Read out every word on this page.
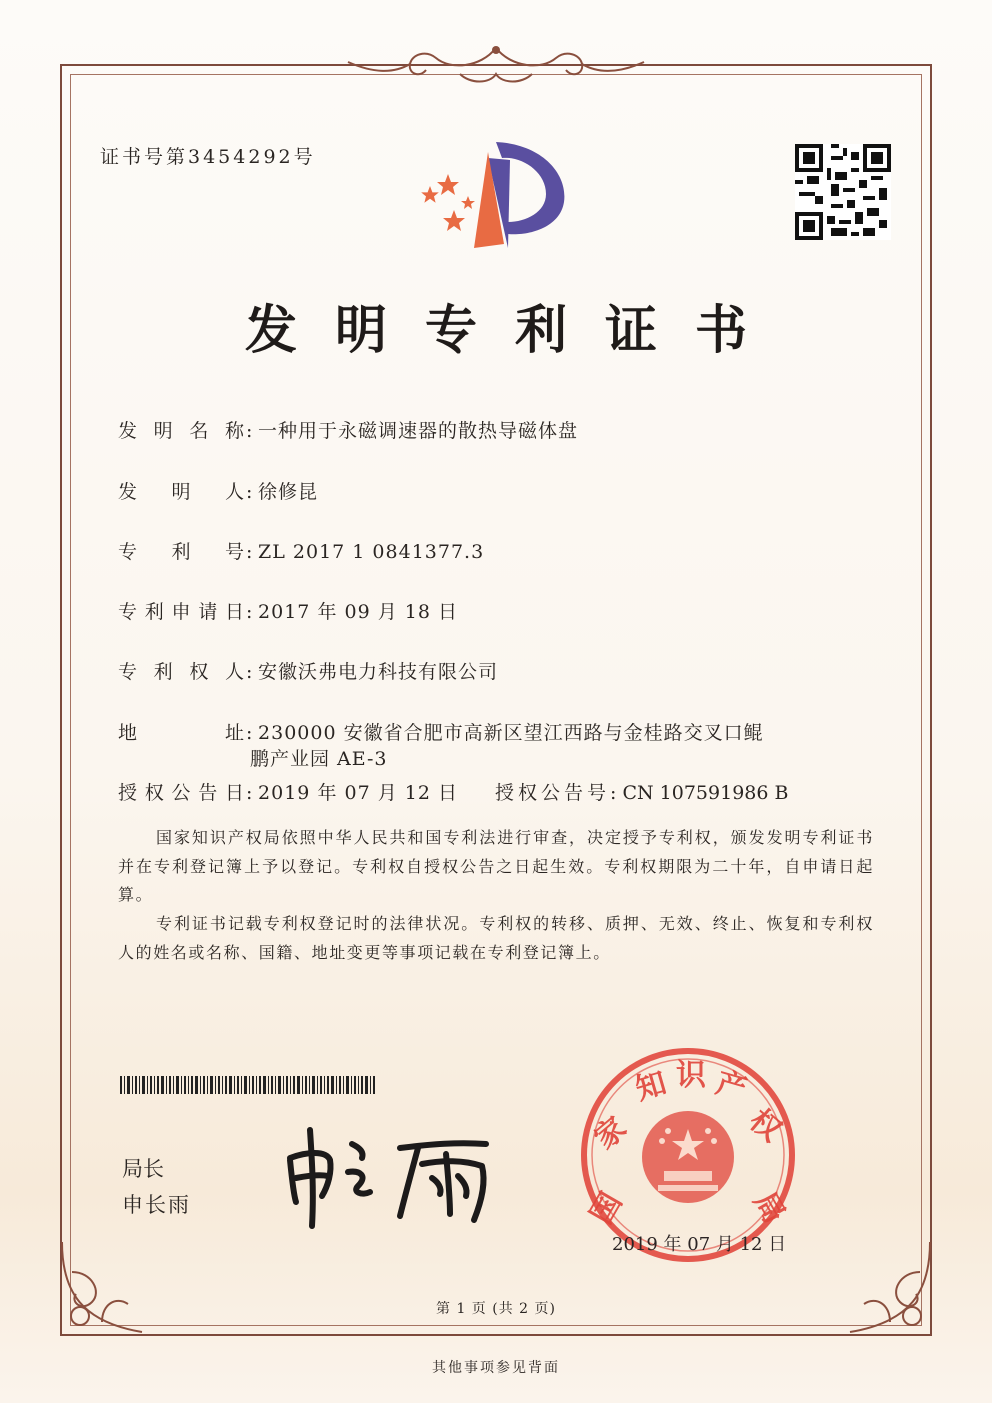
证书号第3454292号
发明专利证书
发明名称: 一种用于永磁调速器的散热导磁体盘
发明人: 徐修昆
专利号: ZL 2017 1 0841377.3
专利申请日: 2017 年 09 月 18 日
专利权人: 安徽沃弗电力科技有限公司
地址: 230000 安徽省合肥市高新区望江西路与金桂路交叉口鲲
鹏产业园 AE-3
授权公告日: 2019 年 07 月 12 日 授权公告号: CN 107591986 B
国家知识产权局依照中华人民共和国专利法进行审查，决定授予专利权，颁发发明专利证书并在专利登记簿上予以登记。专利权自授权公告之日起生效。专利权期限为二十年，自申请日起算。
专利证书记载专利权登记时的法律状况。专利权的转移、质押、无效、终止、恢复和专利权人的姓名或名称、国籍、地址变更等事项记载在专利登记簿上。
局长
申长雨	国
家
知 识 产
权
局
2019 年 07 月 12 日
第 1 页 (共 2 页)
其他事项参见背面
